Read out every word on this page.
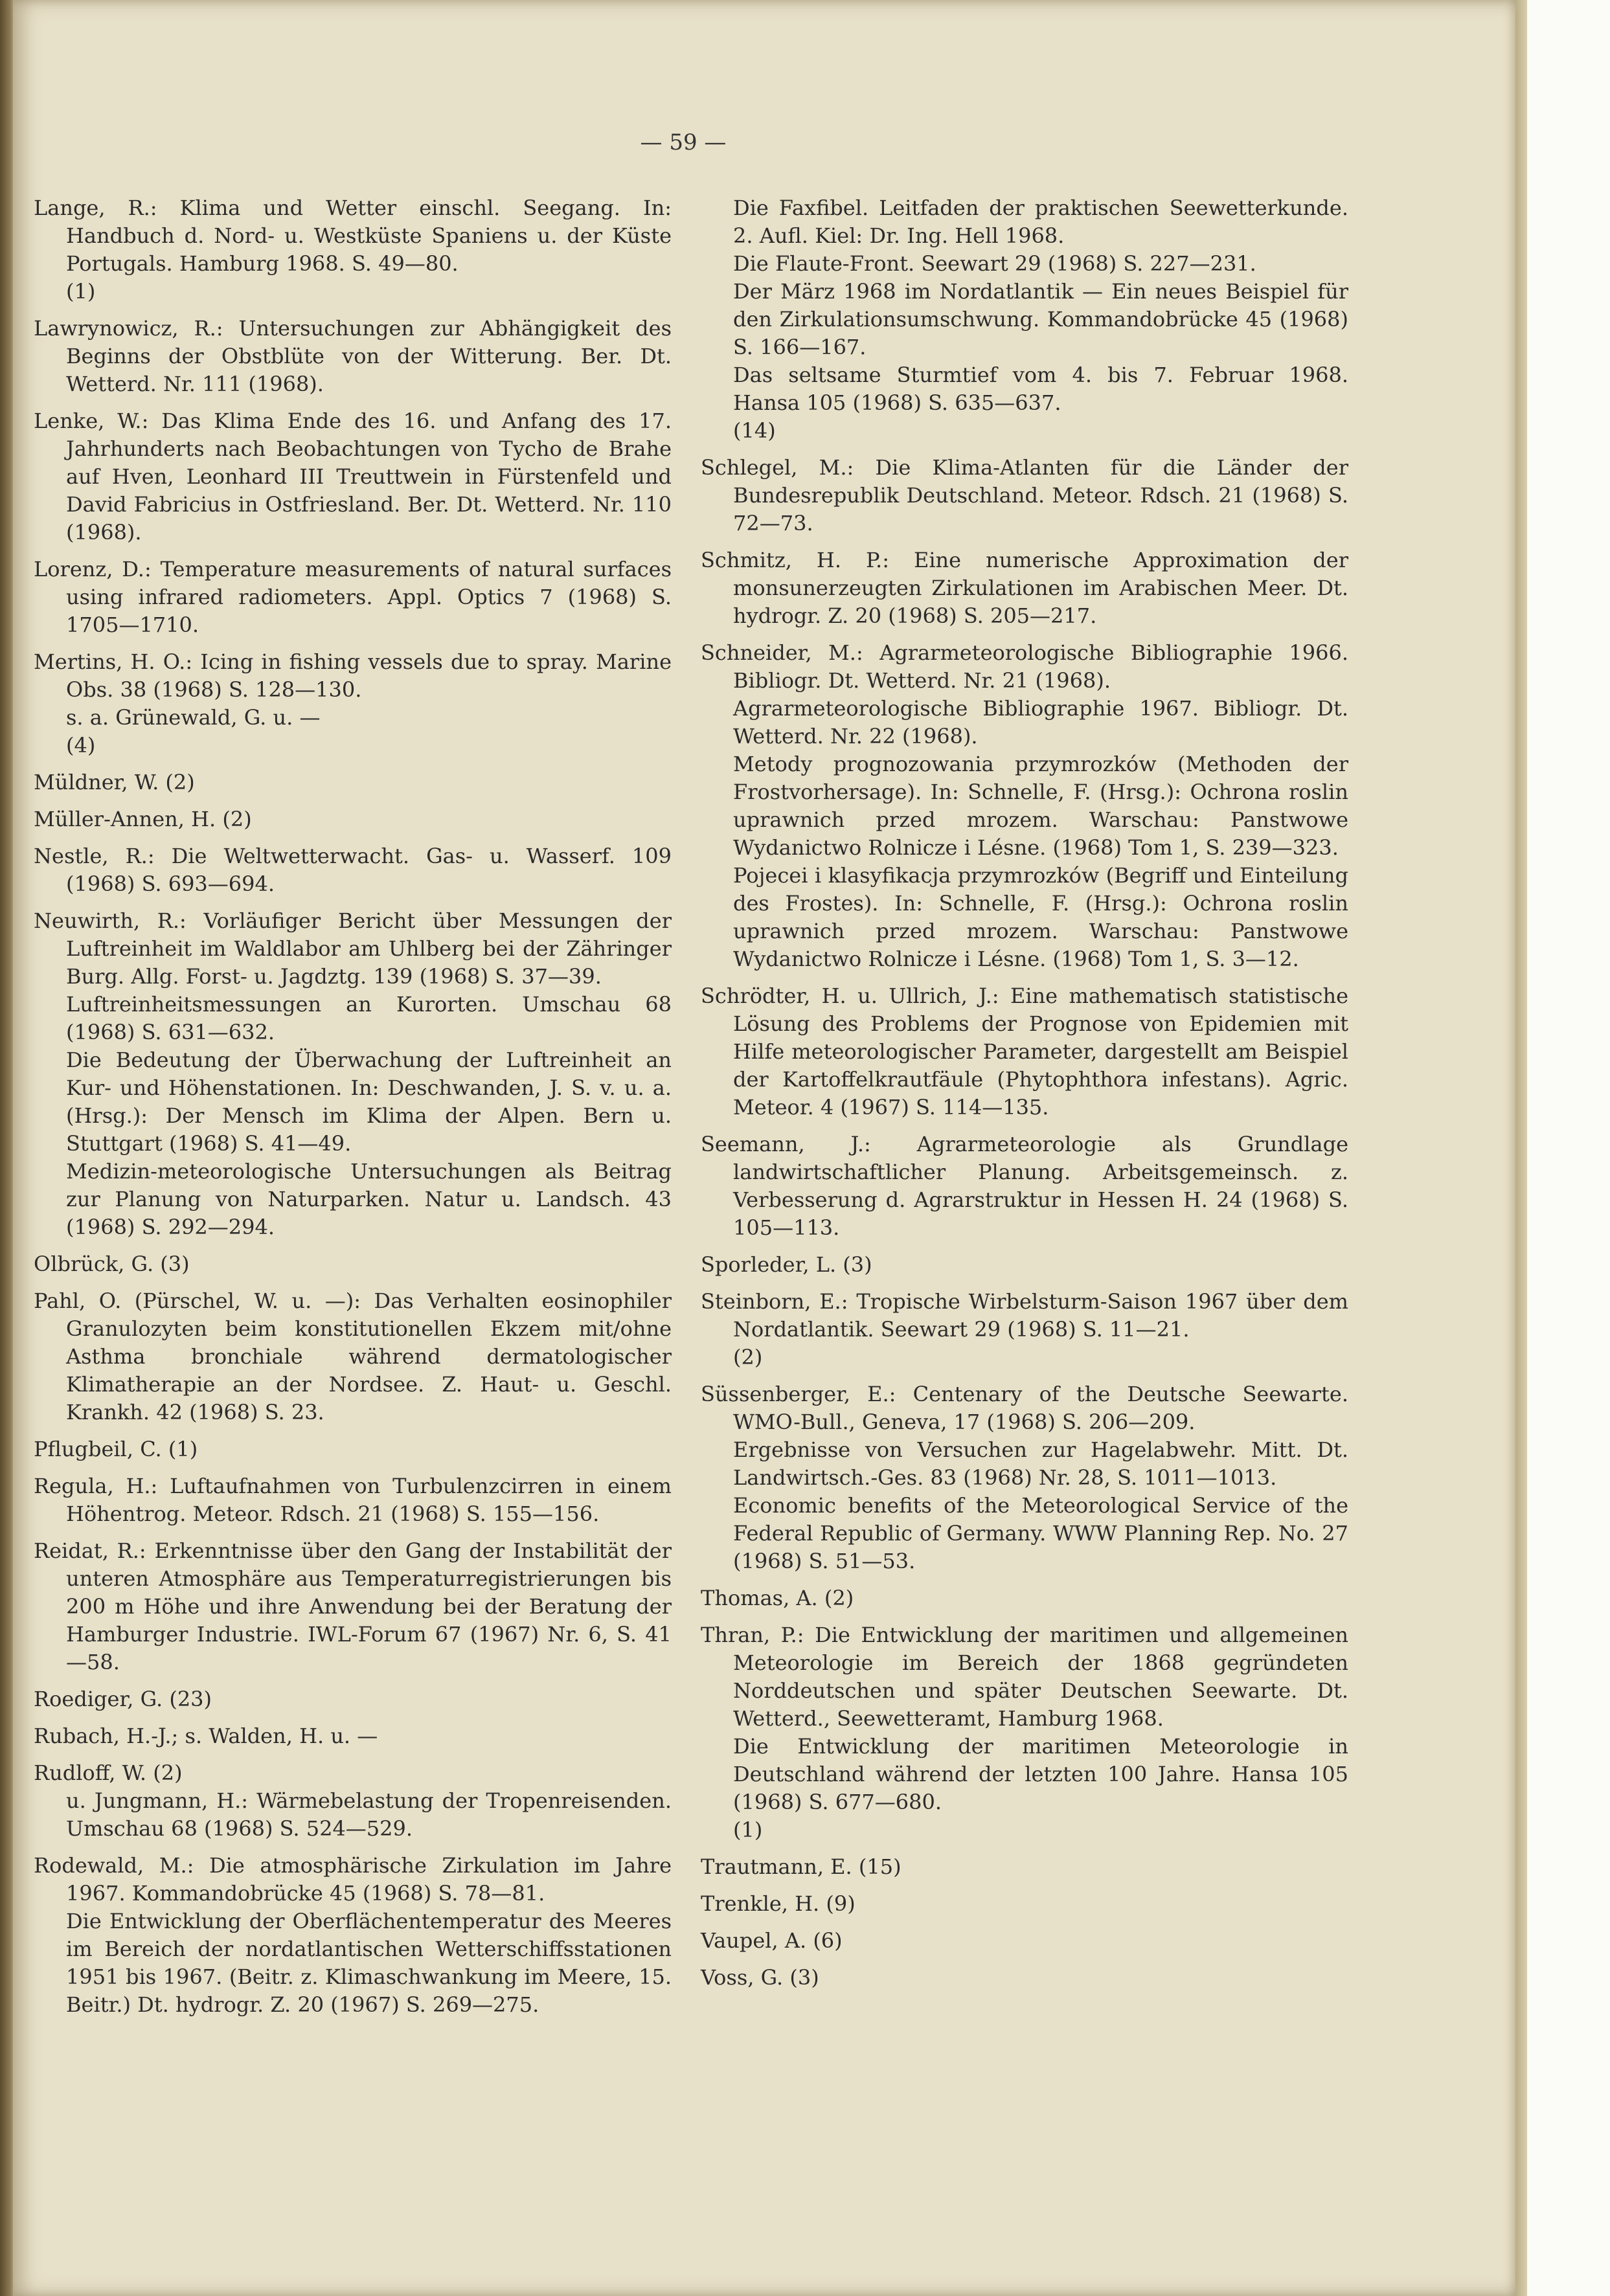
— 59 —
Lange, R.: Klima und Wetter einschl. Seegang. In: Handbuch d. Nord- u. Westküste Spaniens u. der Küste Portugals. Hamburg 1968. S. 49—80.
(1)
Lawrynowicz, R.: Untersuchungen zur Abhängigkeit des Beginns der Obstblüte von der Witterung. Ber. Dt. Wetterd. Nr. 111 (1968).
Lenke, W.: Das Klima Ende des 16. und Anfang des 17. Jahrhunderts nach Beobachtungen von Tycho de Brahe auf Hven, Leonhard III Treuttwein in Fürstenfeld und David Fabricius in Ostfriesland. Ber. Dt. Wetterd. Nr. 110 (1968).
Lorenz, D.: Temperature measurements of natural surfaces using infrared radiometers. Appl. Optics 7 (1968) S. 1705—1710.
Mertins, H. O.: Icing in fishing vessels due to spray. Marine Obs. 38 (1968) S. 128—130.
s. a. Grünewald, G. u. —
(4)
Müldner, W. (2)
Müller-Annen, H. (2)
Nestle, R.: Die Weltwetterwacht. Gas- u. Wasserf. 109 (1968) S. 693—694.
Neuwirth, R.: Vorläufiger Bericht über Messungen der Luftreinheit im Waldlabor am Uhlberg bei der Zähringer Burg. Allg. Forst- u. Jagdztg. 139 (1968) S. 37—39.
Luftreinheitsmessungen an Kurorten. Umschau 68 (1968) S. 631—632.
Die Bedeutung der Überwachung der Luftreinheit an Kur- und Höhenstationen. In: Deschwanden, J. S. v. u. a. (Hrsg.): Der Mensch im Klima der Alpen. Bern u. Stuttgart (1968) S. 41—49.
Medizin-meteorologische Untersuchungen als Beitrag zur Planung von Naturparken. Natur u. Landsch. 43 (1968) S. 292—294.
Olbrück, G. (3)
Pahl, O. (Pürschel, W. u. —): Das Verhalten eosinophiler Granulozyten beim konstitutionellen Ekzem mit/ohne Asthma bronchiale während dermatologischer Klimatherapie an der Nordsee. Z. Haut- u. Geschl. Krankh. 42 (1968) S. 23.
Pflugbeil, C. (1)
Regula, H.: Luftaufnahmen von Turbulenzcirren in einem Höhentrog. Meteor. Rdsch. 21 (1968) S. 155—156.
Reidat, R.: Erkenntnisse über den Gang der Instabilität der unteren Atmosphäre aus Temperaturregistrierungen bis 200 m Höhe und ihre Anwendung bei der Beratung der Hamburger Industrie. IWL-Forum 67 (1967) Nr. 6, S. 41—58.
Roediger, G. (23)
Rubach, H.-J.; s. Walden, H. u. —
Rudloff, W. (2)
u. Jungmann, H.: Wärmebelastung der Tropenreisenden. Umschau 68 (1968) S. 524—529.
Rodewald, M.: Die atmosphärische Zirkulation im Jahre 1967. Kommandobrücke 45 (1968) S. 78—81.
Die Entwicklung der Oberflächentemperatur des Meeres im Bereich der nordatlantischen Wetterschiffsstationen 1951 bis 1967. (Beitr. z. Klimaschwankung im Meere, 15. Beitr.) Dt. hydrogr. Z. 20 (1967) S. 269—275.
Die Faxfibel. Leitfaden der praktischen Seewetterkunde. 2. Aufl. Kiel: Dr. Ing. Hell 1968.
Die Flaute-Front. Seewart 29 (1968) S. 227—231.
Der März 1968 im Nordatlantik — Ein neues Beispiel für den Zirkulationsumschwung. Kommandobrücke 45 (1968) S. 166—167.
Das seltsame Sturmtief vom 4. bis 7. Februar 1968. Hansa 105 (1968) S. 635—637.
(14)
Schlegel, M.: Die Klima-Atlanten für die Länder der Bundesrepublik Deutschland. Meteor. Rdsch. 21 (1968) S. 72—73.
Schmitz, H. P.: Eine numerische Approximation der monsunerzeugten Zirkulationen im Arabischen Meer. Dt. hydrogr. Z. 20 (1968) S. 205—217.
Schneider, M.: Agrarmeteorologische Bibliographie 1966. Bibliogr. Dt. Wetterd. Nr. 21 (1968).
Agrarmeteorologische Bibliographie 1967. Bibliogr. Dt. Wetterd. Nr. 22 (1968).
Metody prognozowania przymrozków (Methoden der Frostvorhersage). In: Schnelle, F. (Hrsg.): Ochrona roslin uprawnich przed mrozem. Warschau: Panstwowe Wydanictwo Rolnicze i Lésne. (1968) Tom 1, S. 239—323.
Pojecei i klasyfikacja przymrozków (Begriff und Einteilung des Frostes). In: Schnelle, F. (Hrsg.): Ochrona roslin uprawnich przed mrozem. Warschau: Panstwowe Wydanictwo Rolnicze i Lésne. (1968) Tom 1, S. 3—12.
Schrödter, H. u. Ullrich, J.: Eine mathematisch statistische Lösung des Problems der Prognose von Epidemien mit Hilfe meteorologischer Parameter, dargestellt am Beispiel der Kartoffelkrautfäule (Phytophthora infestans). Agric. Meteor. 4 (1967) S. 114—135.
Seemann, J.: Agrarmeteorologie als Grundlage landwirtschaftlicher Planung. Arbeitsgemeinsch. z. Verbesserung d. Agrarstruktur in Hessen H. 24 (1968) S. 105—113.
Sporleder, L. (3)
Steinborn, E.: Tropische Wirbelsturm-Saison 1967 über dem Nordatlantik. Seewart 29 (1968) S. 11—21.
(2)
Süssenberger, E.: Centenary of the Deutsche Seewarte. WMO-Bull., Geneva, 17 (1968) S. 206—209.
Ergebnisse von Versuchen zur Hagelabwehr. Mitt. Dt. Landwirtsch.-Ges. 83 (1968) Nr. 28, S. 1011—1013.
Economic benefits of the Meteorological Service of the Federal Republic of Germany. WWW Planning Rep. No. 27 (1968) S. 51—53.
Thomas, A. (2)
Thran, P.: Die Entwicklung der maritimen und allgemeinen Meteorologie im Bereich der 1868 gegründeten Norddeutschen und später Deutschen Seewarte. Dt. Wetterd., Seewetteramt, Hamburg 1968.
Die Entwicklung der maritimen Meteorologie in Deutschland während der letzten 100 Jahre. Hansa 105 (1968) S. 677—680.
(1)
Trautmann, E. (15)
Trenkle, H. (9)
Vaupel, A. (6)
Voss, G. (3)
